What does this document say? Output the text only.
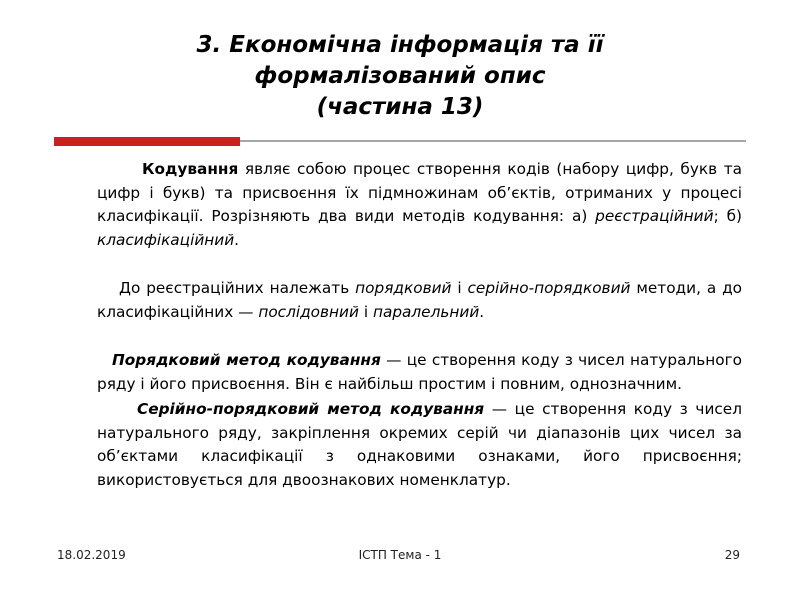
3. Економічна інформація та її
формалізований опис
(частина 13)

Кодування являє собою процес створення кодів (набору цифр, букв та цифр і букв) та присвоєння їх підмножинам об’єктів, отриманих у процесі класифікації. Розрізняють два види методів кодування: а) реєстраційний; б) класифікаційний.

До реєстраційних належать порядковий і серійно-порядковий методи, а до класифікаційних — послідовний і паралельний.

Порядковий метод кодування — це створення коду з чисел натурального ряду і його присвоєння. Він є найбільш простим і повним, однозначним.

Серійно-порядковий метод кодування — це створення коду з чисел натурального ряду, закріплення окремих серій чи діапазонів цих чисел за об’єктами класифікації з однаковими ознаками, його присвоєння; використовується для двоознакових номенклатур.

18.02.2019	ІСТП Тема - 1	29
